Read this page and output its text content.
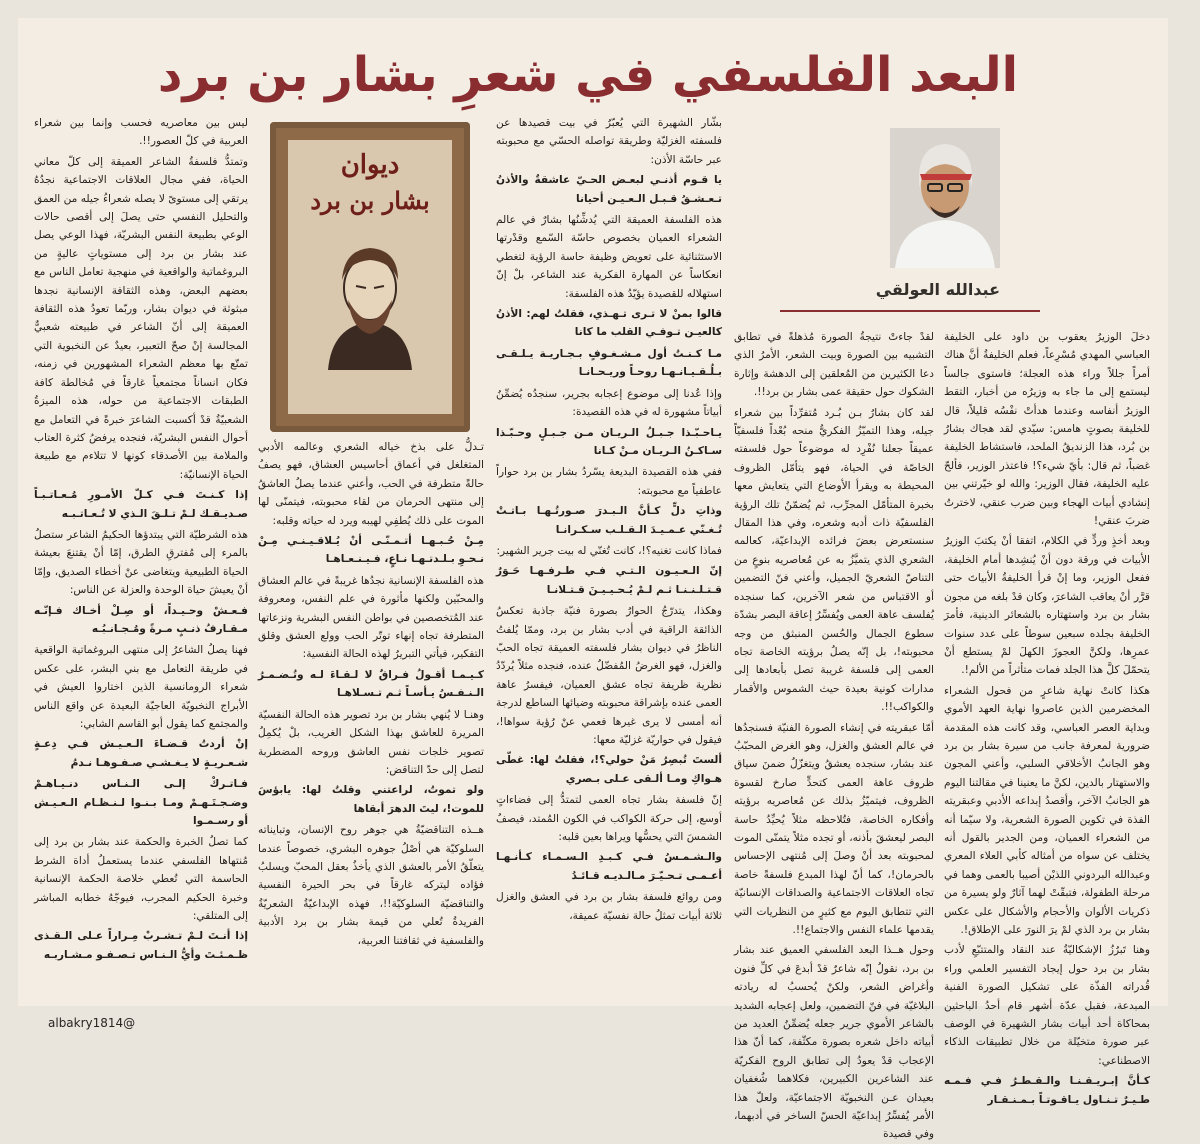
البعد الفلسفي في شعرِ بشار بن برد
عبدالله العولقي

دخلَ الوزيرُ يعقوب بن داود على الخليفة العباسي المهدي مُسْرِعاً، فعلم الخليفةُ أنَّ هناك أمراً جللاً وراء هذه العجلة؛ فاستوى جالساً ليستمع إلى ما جاء به وزيرُه من أخبار، التقط الوزيرُ أنفاسه وعندما هدأتْ نفْسُه قليلاً، قال للخليفة بصوتٍ هامس: سيّدي لقد هجاك بشارُ بن بُرد، هذا الزنديقُ الملحد، فاستشاط الخليفة غضباً، ثم قال: بأيّ شيء؟! فاعتذر الوزير، فألحّ عليه الخليفة، فقال الوزير: والله لو خيّرتني بين إنشادي أبيات الهجاء وبين ضرب عنقي، لاخترتُ ضربَ عنقي!

وبعد أخذٍ وردٍّ في الكلام، اتفقا أنْ يكتبَ الوزيرُ الأبيات في ورقة دون أنْ يُنشِدها أمام الخليفة، ففعل الوزير، وما إنْ قرأ الخليفةُ الأبياتَ حتى قرَّر أنْ يعاقب الشاعرَ، وكان قدْ بلغه من مجون بشار بن برد واستهتاره بالشعائر الدينية، فأمرَ الخليفة بجلده سبعين سوطاً على عدد سنوات عمرِها، ولكنَّ العجوزَ الكهلَ لمْ يستطع أنْ يتحمّلَ كلَّ هذا الجلد فمات متأثراً من الألم!.

هكذا كانتْ نهاية شاعرٍ من فحول الشعراء المخضرمين الذين عاصروا نهاية العهد الأموي وبداية العصر العباسي، وقد كانت هذه المقدمة ضرورية لمعرفة جانب من سيرة بشار بن برد وهو الجانبُ الأخلاقي السلبي، وأعني المجون والاستهتار بالدين، لكنَّ ما يعنينا في مقالتنا اليوم هو الجانبُ الآخر، وأقصدُ إبداعه الأدبي وعبقريته الفذة في تكوين الصورة الشعرية، ولا سيّما أنه من الشعراء العميان، ومن الجدير بالقول أنه يختلف عن سواه من أمثاله كأبي العلاء المعري وعبدالله البردوني اللذيْن أصيبا بالعمى وهما في مرحلة الطفولة، فتبقّتْ لهما آثارٌ ولو يسيرة من ذكريات الألوان والأحجام والأشكال على عكس بشار بن برد الذي لمْ يرَ النورَ على الإطلاق!.

وهنا تَبرُزُ الإشكاليّةُ عند النقاد والمتتبّعِ لأدب بشار بن برد حول إيجاد التفسير العلمي وراء قُدراته الفذّة على تشكيل الصورة الفنية المبدعة، فقبل عدّة أشهر قام أحدُ الباحثين بمحاكاة أحد أبيات بشار الشهيرة في الوصف عبر صورة متخيّلة من خلال تطبيقات الذكاء الاصطناعي:

كـأنَّ إبـريـقـنـا والـقـطـرُ فـي فـمـه طـيـرٌ تـنـاول يـاقـوتـاً بـمـنـقـار

لقدْ جاءتْ نتيجةُ الصورة مُذهلةً في تطابق التشبيه بين الصورة وبيت الشعر، الأمرُ الذي دعا الكثيرين من المُعلقين إلى الدهشة وإثارة الشكوك حول حقيقة عمى بشار بن برد!!.

لقد كان بشارُ بـن بُـرد مُتفرِّداً بين شعراء جيله، وهذا التميّزُ الفكريُّ منحه بُعْداً فلسفيّاً عميقاً جعلنا نُفْرِد له موضوعاً حول فلسفته الخاصّة في الحياة، فهو يتأمّل الظروف المحيطة به ويقرأ الأوضاع التي يتعايش معها بخبرة المتأمّل المجرِّب، ثم يُضمّنُ تلك الرؤية الفلسفيّة ذات أدبه وشعره، وفي هذا المقال سنستعرض بعضَ فرائده الإبداعيّة، كعالمه الشعري الذي يتميَّزُ به عن مُعاصريه بنوعٍ من التناصّ الشعريّ الجميل، وأعني فنّ التضمين أو الاقتباس من شعر الآخرين، كما سنجده يُفلسف عاهة العمى ويُفسِّرُ إعاقة البصر بشدّة سطوع الجمال والحُسن المنبثق من وجه محبوبته!، بل إنّه يصلُ برؤيته الخاصة تجاه العمى إلى فلسفة غريبة تصل بأبعادها إلى مدارات كونية بعيدة حيث الشموس والأقمار والكواكب!!.

أمّا عبقريته في إنشاء الصورة الفنيّة فسنجدُها في عالم العشق والغزل، وهو الغرض المحبّبُ عند بشار، سنجده يعشقُ ويتغزّلُ ضمنَ سياق ظروف عاهة العمى كتحدٍّ صارخ لقسوة الظروف، فيتميّزُ بذلك عن مُعاصريه برؤيته وأفكاره الخاصة، فتُلاحظه مثلاً يُحيِّدُ حاسة البصر ليعشقَ بأذنه، أو تجده مثلاً يتمنّى الموت لمحبوبته بعد أنْ وصلَ إلى مُنتهى الإحساس بالحرمان!، كما أنّ لهذا المبدع فلسفةً خاصة تجاه العلاقات الاجتماعية والصداقات الإنسانيّة التي تتطابق اليوم مع كثيرٍ من النظريات التي يقدمها علماء النفس والاجتماع!!.

وحول هــذا البعد الفلسفي العميق عند بشار بن برد، نقولُ إنّه شاعرٌ قدْ أبدعَ في كلِّ فنون وأغراض الشعر، ولكنْ يُحسبُ له ريادته البلاغيّة في فنّ التضمين، ولعل إعجابه الشديد بالشاعر الأموي جرير جعله يُضمِّنُ العديد من أبياته داخل شعره بصورة مكثّفة، كما أنّ هذا الإعجاب قدْ يعودُ إلى تطابق الروح الفكريّة عند الشاعرين الكبيرين، فكلاهما شُغفيان بعيدان عـن النخبويّة الاجتماعيّة، ولعلّ هذا الأمر يُفسِّرُ إبداعيّة الحسّ الساخر في أدبهما، وفي قصيدة

بشّار الشهيرة التي يُعبّرُ في بيت قصيدها عن فلسفته الغزليّة وطريقة تواصله الحسّي مع محبوبته عبر حاسّة الأذن:

يا قـوم أذنـي لبعـض الحـيّ عاشقةٌ والأذنُ تـعـشـقُ قـبـل الـعـيـن أحيانا

هذه الفلسفة العميقة التي يُدشِّنُها بشارٌ في عالم الشعراء العميان بخصوص حاسّة السّمع وقدْرتها الاستثنائية على تعويض وظيفة حاسة الرؤية لتغطي انعكاساً عن المهارة الفكرية عند الشاعر، بلْ إنّ استهلاله للقصيدة يؤيّدُ هذه الفلسفة:

قالوا بمنْ لا تـرى تـهـذي، فقلتُ لهم: الأذنُ كالعيـن تـوفـي القلب ما كانا

مـا كـنـتُ أول مـشـغـوفٍ بـجـاريـة يـلـقـى بـلُـقـيـانـهـا روحـاً وريـحـانـا

وإذا عُدنا إلى موضوع إعجابه بجرير، سنجدُه يُضمِّنُ أبياتاً مشهورة له في هذه القصيدة:

يـاحـبّـذا جـبـلُ الـريـان مـن جـبـلٍ وحـبّـذا سـاكـنُ الـريـان مـنْ كـانا

ففي هذه القصيدة البديعة يسّردُ بشار بن برد حواراً عاطفياً مع محبوبته:

وذاتِ دلٍّ كـأنَّ الـبـدرَ صـورتُـهـا بـاتـتْ تُـغـنّي عـمـيـدَ الـقـلـب سـكـرانـا

فماذا كانت تغنيه؟!، كانت تُغنّي له بيت جرير الشهير:

إنّ الـعـيـون الـتـي فـي طـرفـهـا حَـوَرٌ قـتـلـنـنـا ثـم لـمْ يُـحـيـيـنَ قـتـلانـا

وهكذا، يتدرّجُ الحوارُ بصورة فنيّة جاذبة تعكسُ الذائقة الراقية في أدب بشار بن برد، وممّا يُلفتُ الناظرُ في ديوان بشار فلسفته العميقة تجاه الحبّ والغزل، فهو الغرضُ المُفضّلُ عنده، فنجده مثلاً يُردّدُ نظرية ظريفة تجاه عشق العميان، فيفسرُ عاهة العمى عنده بإشراقة محبوبته وضيائها الساطع لدرجة أنه أمسى لا يرى غيرها فعمي عنْ رُؤية سواها!، فيقول في حواريّة غزليّة معها:

ألستَ تُبصِرُ مَنْ حولي؟!، فقلتُ لها: غطّى هـواكِ ومـا ألـقى عـلى بـصري

إنّ فلسفة بشار تجاه العمى لتمتدُّ إلى فضاءاتٍ أوسع، إلى حركة الكواكب في الكون المُمتد، فيصفُ الشمسَ التي يحسُّها ويراها بعين قلبه:

والـشـمـسُ فـي كـبـدِ الـسـمـاء كـأنـهـا أعـمـى تـحـيّـرَ مـالـديـه قـائـدُ

ومن روائع فلسفة بشار بن برد في العشق والغزل ثلاثة أبيات تمثلُ حالة نفسيّة عميقة،

تـدلُّ على بذخ خياله الشعري وعالمه الأدبي المتغلغل في أعماق أحاسيس العشاق، فهو يصفُ حالةً متطرفة في الحب، وأعني عندما يصلُ العاشقُ إلى منتهى الحرمان من لقاء محبوبته، فيتمنّى لها الموت على ذلك يُطفِي لهيبه ويرد له حياته وقلبه:

مِـنْ حُـبـهـا أتـمـنّـى أنْ يُـلاقـيـنـي مِـنْ نـحـوِ بـلـدتـهـا نـاعٍ، فـيـنـعـاهـا

هذه الفلسفة الإنسانية نجدُها غريبةً في عالم العشاق والمحبّين ولكنها مأثورة في علم النفس، ومعروفة عند المُتخصصين في بواطن النفس البشرية ونزعاتها المتطرفة تجاه إنهاء توتّر الحب وولع العشق وقلق التفكير، فيأتي التبريرُ لهذه الحالة النفسية:

كـيـمـا أقـولُ فـراقٌ لا لـقـاءَ لـه وتُـضـمـرُ الـنـفـسُ يـأسـاً ثـم تـسـلاهـا

وهنـا لا يُنهي بشار بن برد تصوير هذه الحالة النفسيّة المريرة للعاشق بهذا الشكل الغريب، بلْ يُكمِلُ تصوير خلجات نفس العاشق وروحه المضطربة لتصل إلى حدّ التناقض:

ولو تموتُ، لراعتني وقلتُ لها: يابؤسَ للموت!، ليتَ الدهرَ أبقاها

هــذه التناقضيّةُ هي جوهر روح الإنسان، وتبايناته السلوكيّة هي أصْلُ جوهره البشري، خصوصاً عندما يتعلّقُ الأمر بالعشق الذي يأخذُ بعقل المحبّ ويسلبُ فؤاده ليتركه غارقاً في بحر الحيرة النفسية والتناقضيّة السلوكيّة!!، فهذه الإبداعيّةُ الشعريّةُ الفريدةُ تُعلي من قيمة بشار بن برد الأدبية والفلسفية في ثقافتنا العربية،

ليس بين معاصريه فحسب وإنما بين شعراء العربية في كلّ العصور!!.

وتمتدُّ فلسفةُ الشاعر العميقة إلى كلّ معاني الحياة، ففي مجال العلاقات الاجتماعية نجدُهُ يرتقي إلى مستوىً لا يصله شعراءُ جيله من العمق والتحليل النفسي حتى يصلَ إلى أقصى حالات الوعي بطبيعة النفس البشريّة، فهذا الوعي يصل عند بشار بن برد إلى مستوياتٍ عاليةٍ من البروغماتية والواقعية في منهجية تعامل الناس مع بعضهم البعض، وهذه الثقافة الإنسانية نجدها مبثوثة في ديوان بشار، وربّما تعودُ هذه الثقافة العميقة إلى أنّ الشاعر في طبيعته شعبيٌّ المجالسة إنْ صحّ التعبير، بعيدٌ عن النخبوية التي تمتّع بها معظم الشعراء المشهورين في زمنه، فكان انساناً مجتمعياً غارقاً في مُخالطة كافة الطبقات الاجتماعية من حوله، هذه الميزةُ الشعبيّةُ قدْ أكسبت الشاعرَ خبرةً في التعامل مع أحوال النفس البشريّة، فنجده يرفضُ كثرة العتاب والملامة بين الأصدقاء كونها لا تتلاءم مع طبيعة الحياة الإنسانيّة:

إذا كـنـتَ فـي كـلّ الأمـورِ مُـعـاتـبـاً صـديـقـك لـمْ تـلـقَ الـذي لا تُـعـاتـبـه

هذه الشرطيّة التي يبتدؤها الحكيمُ الشاعر ستصلُ بالمرء إلى مُفترقِ الطرق، إمّا أنْ يقتنعَ بعيشة الحياة الطبيعية ويتغاضى عنْ أخطاء الصديق، وإمّا أنْ يعيشَ حياة الوحدة والعزلة عن الناس:

فـعـشْ وحـيـداً، أو صِـلْ أخـاك فـإنّـه مـقـارفُ ذنـبٍ مـرةً ومُـجـانـبُـه

فهنا يصلُ الشاعرُ إلى منتهى البروغماتية الواقعية في طريقة التعامل مع بني البشر، على عكس شعراء الرومانسية الذين اختاروا العيش في الأبراج النخبويّة العاجيّة البعيدة عن واقع الناس والمجتمع كما يقول أبو القاسم الشابي:

إنْ أردتُ قـضـاءَ الـعـيـش فـي دِعـةٍ شـعـريـةٍ لا يـغـشـي صـفـوهـا نـدمُ

فـاتـركْ إلـى الـنـاس دنـيـاهـمْ وضـجـتَـهـمْ ومـا بـنـوا لـنـظـام الـعـيـش أو رسـمـوا

كما تصلُ الخبرة والحكمة عند بشار بن برد إلى مُنتهاها الفلسفي عندما يستعملُ أداة الشرط الحاسمة التي تُعطي خلاصة الحكمة الإنسانية وخبرة الحكيم المجرب، فيوجّهُ خطابه المباشر إلى المتلقي:

إذا أنـتَ لـمْ تـشـربْ مِـراراً عـلى الـقـذى ظـمـئـتَ وأيُّ الـنـاس تـصـفـو مـشـاربـه

ديوان
بشار بن برد
albakry1814@
